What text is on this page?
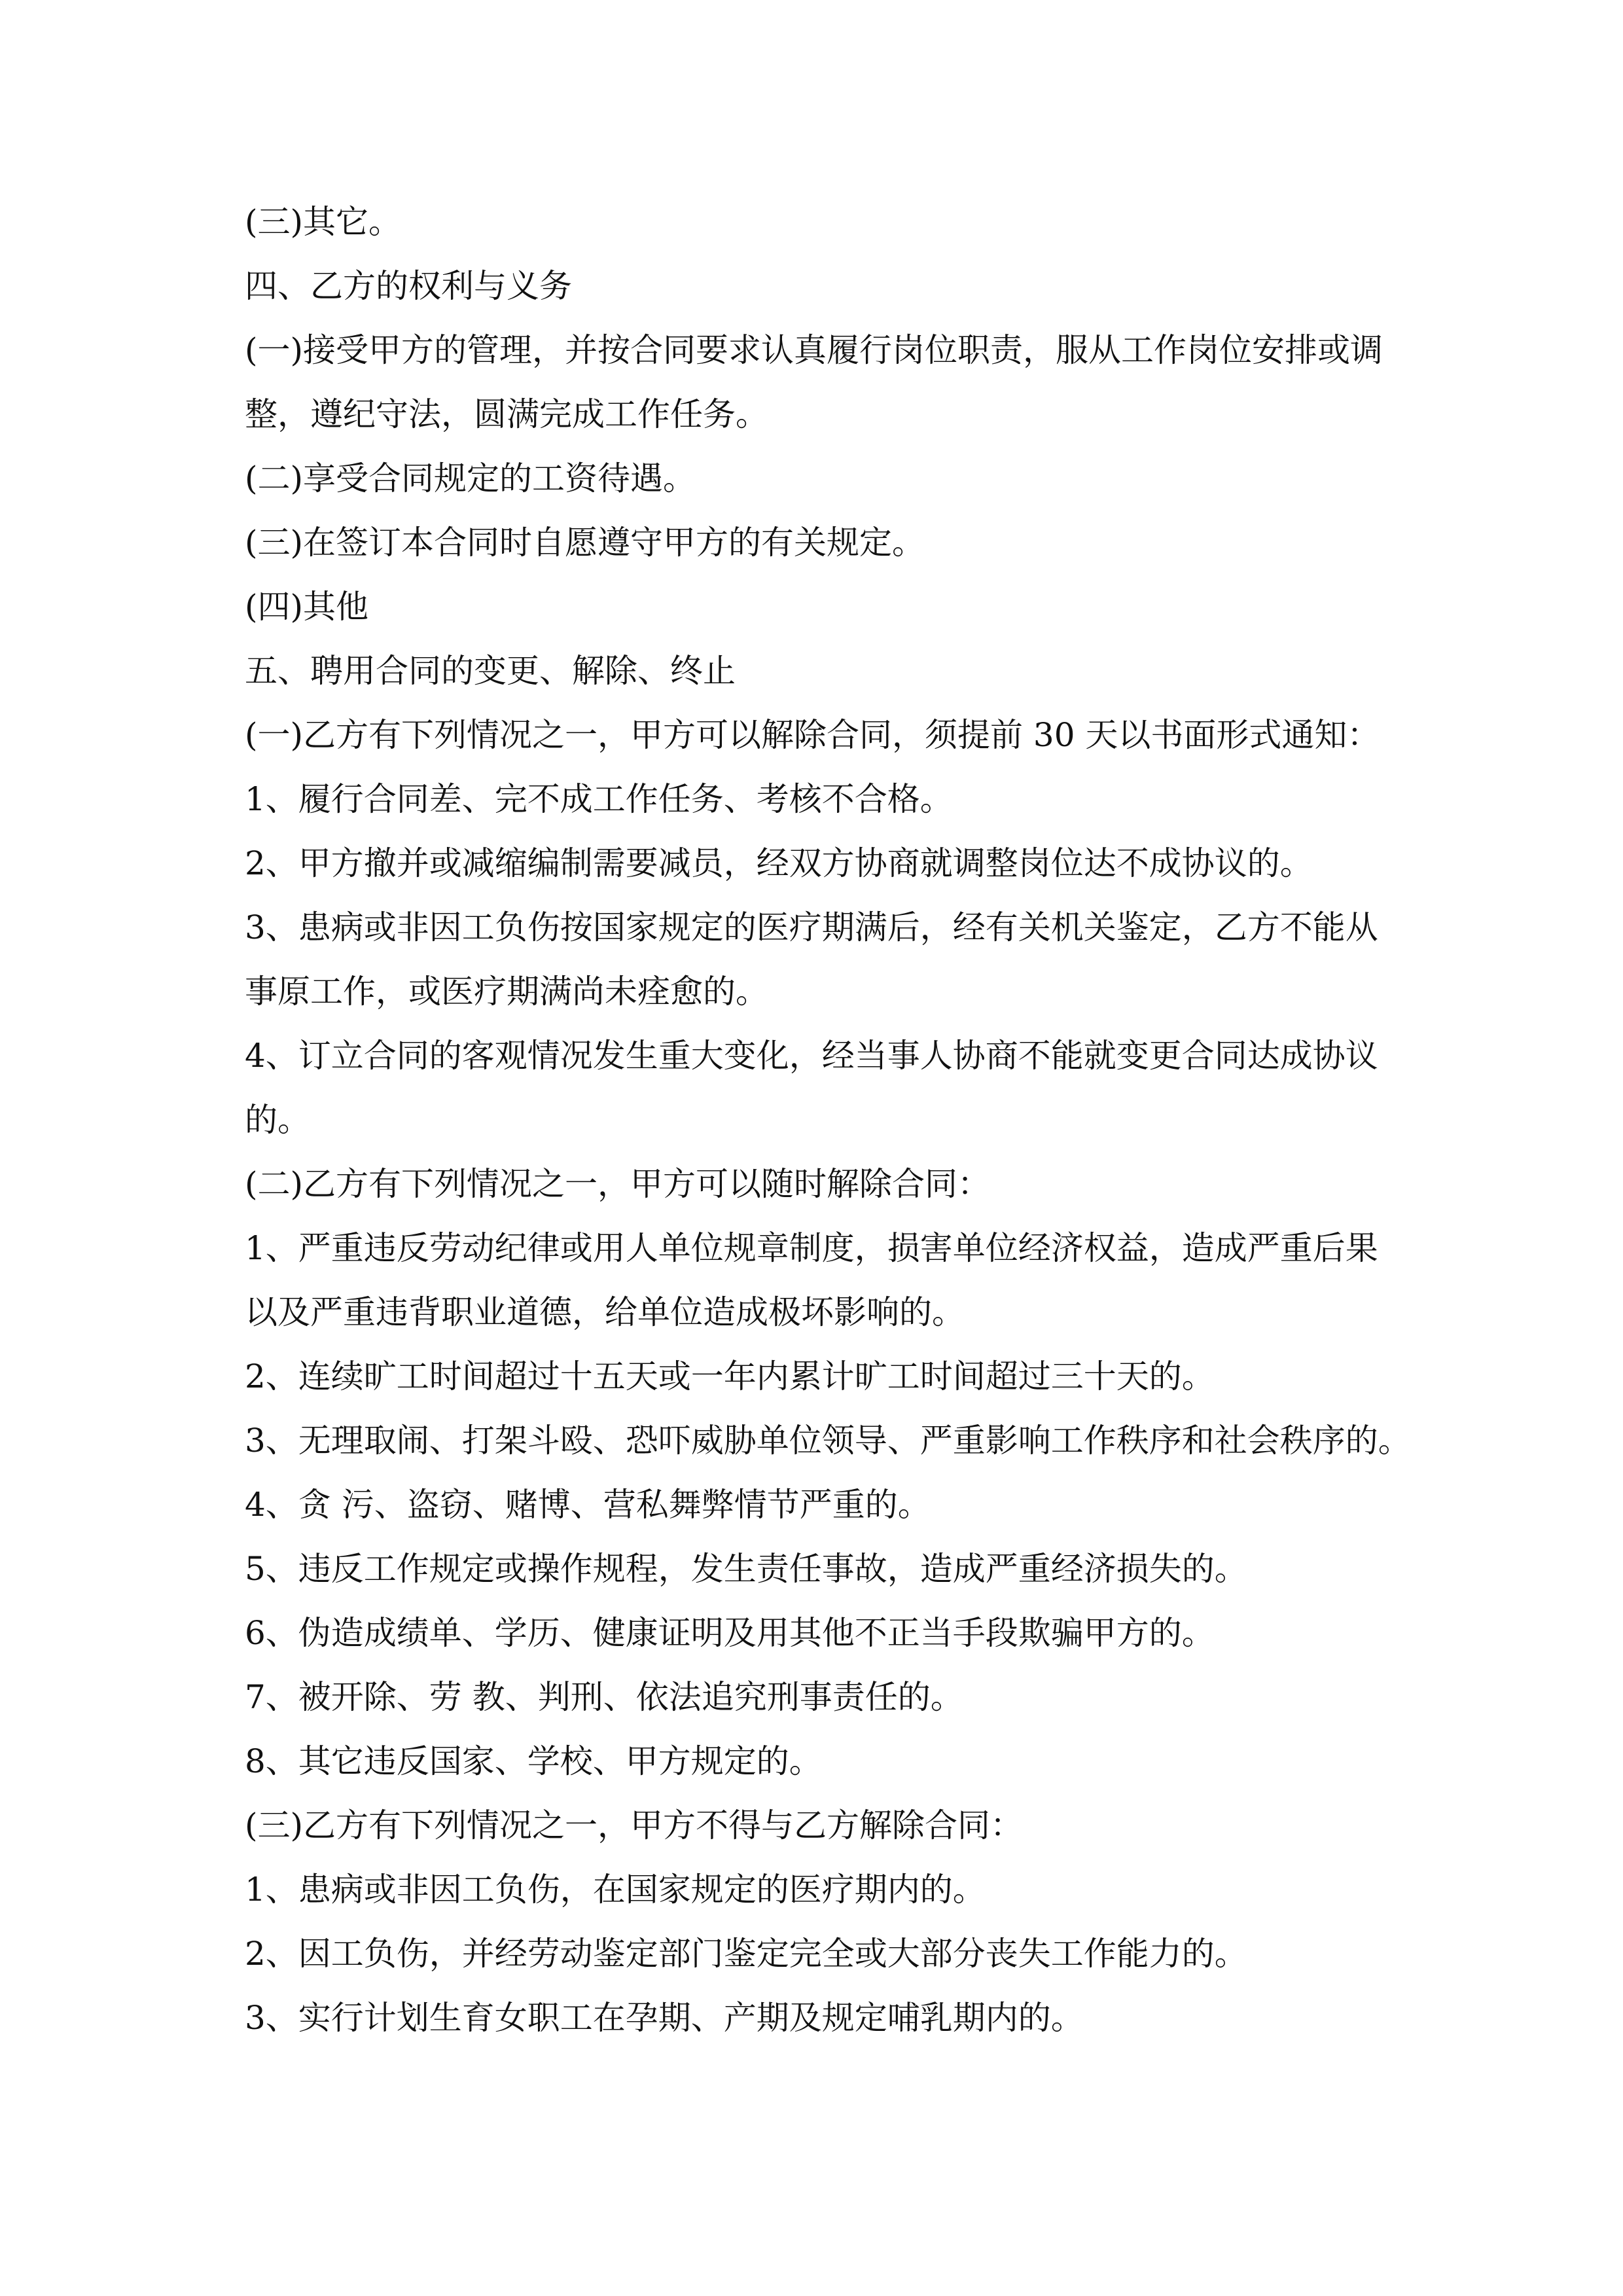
(三)其它。
四、乙方的权利与义务
(一)接受甲方的管理，并按合同要求认真履行岗位职责，服从工作岗位安排或调
整，遵纪守法，圆满完成工作任务。
(二)享受合同规定的工资待遇。
(三)在签订本合同时自愿遵守甲方的有关规定。
(四)其他
五、聘用合同的变更、解除、终止
(一)乙方有下列情况之一，甲方可以解除合同，须提前 30 天以书面形式通知：
1、履行合同差、完不成工作任务、考核不合格。
2、甲方撤并或减缩编制需要减员，经双方协商就调整岗位达不成协议的。
3、患病或非因工负伤按国家规定的医疗期满后，经有关机关鉴定，乙方不能从
事原工作，或医疗期满尚未痊愈的。
4、订立合同的客观情况发生重大变化，经当事人协商不能就变更合同达成协议
的。
(二)乙方有下列情况之一，甲方可以随时解除合同：
1、严重违反劳动纪律或用人单位规章制度，损害单位经济权益，造成严重后果
以及严重违背职业道德，给单位造成极坏影响的。
2、连续旷工时间超过十五天或一年内累计旷工时间超过三十天的。
3、无理取闹、打架斗殴、恐吓威胁单位领导、严重影响工作秩序和社会秩序的。
4、贪 污、盗窃、赌博、营私舞弊情节严重的。
5、违反工作规定或操作规程，发生责任事故，造成严重经济损失的。
6、伪造成绩单、学历、健康证明及用其他不正当手段欺骗甲方的。
7、被开除、劳 教、判刑、依法追究刑事责任的。
8、其它违反国家、学校、甲方规定的。
(三)乙方有下列情况之一，甲方不得与乙方解除合同：
1、患病或非因工负伤，在国家规定的医疗期内的。
2、因工负伤，并经劳动鉴定部门鉴定完全或大部分丧失工作能力的。
3、实行计划生育女职工在孕期、产期及规定哺乳期内的。
